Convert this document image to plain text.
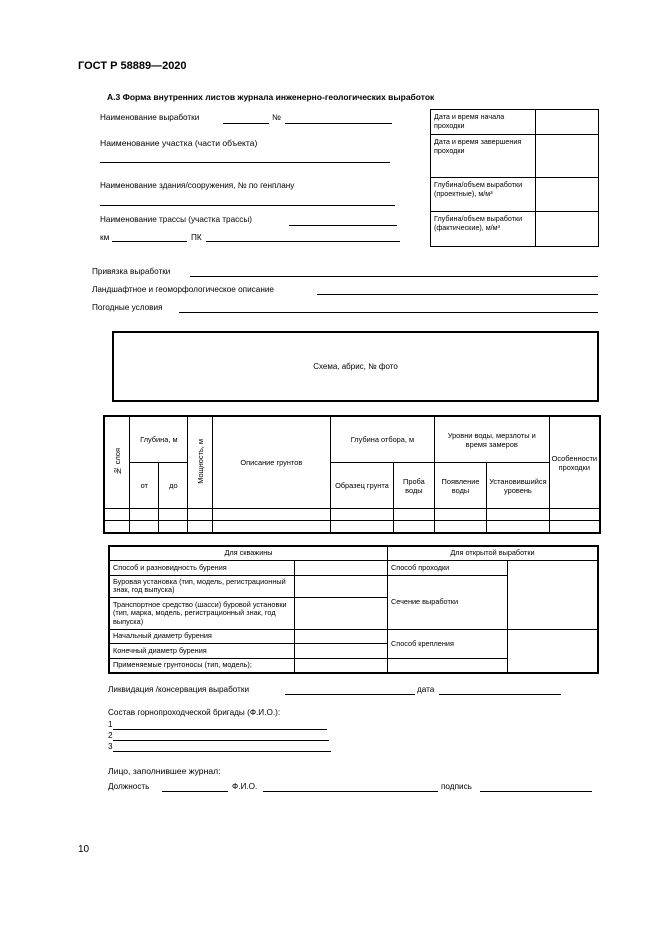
ГОСТ Р 58889—2020
А.3 Форма внутренних листов журнала инженерно-геологических выработок
Наименование выработки	№
Наименование участка (части объекта)
Наименование здания/сооружения, № по генплану
Наименование трассы (участка трассы)
км	ПК
Дата и время начала проходки	
Дата и время завершения проходки	
Глубина/объем выработки (проектные), м/м³	
Глубина/объем выработки (фактические), м/м³	
Привязка выработки
Ландшафтное и геоморфологическое описание
Погодные условия
Схема, абрис, № фото
№ слоя	Глубина, м		Мощность, м	Описание грунтов	Глубина отбора, м		Уровни воды, мерзлоты и время замеров		Особенности проходки
	от	до			Образец грунта	Проба воды	Появление воды	Установившийся уровень	

Для скважины		Для открытой выработки	
Способ и разновидность бурения		Способ проходки	
Буровая установка (тип, модель, регистрационный знак, год выпуска)		Сечение выработки	
Транспортное средство (шасси) буровой установки (тип, марка, модель, регистрационный знак, год выпуска)			
Начальный диаметр бурения		Способ крепления	
Конечный диаметр бурения			
Применяемые грунтоносы (тип, модель);			
Ликвидация /консервация выработки	дата
Состав горнопроходческой бригады (Ф.И.О.):
1
2
3
Лицо, заполнившее журнал:
Должность	Ф.И.О.	подпись
10
